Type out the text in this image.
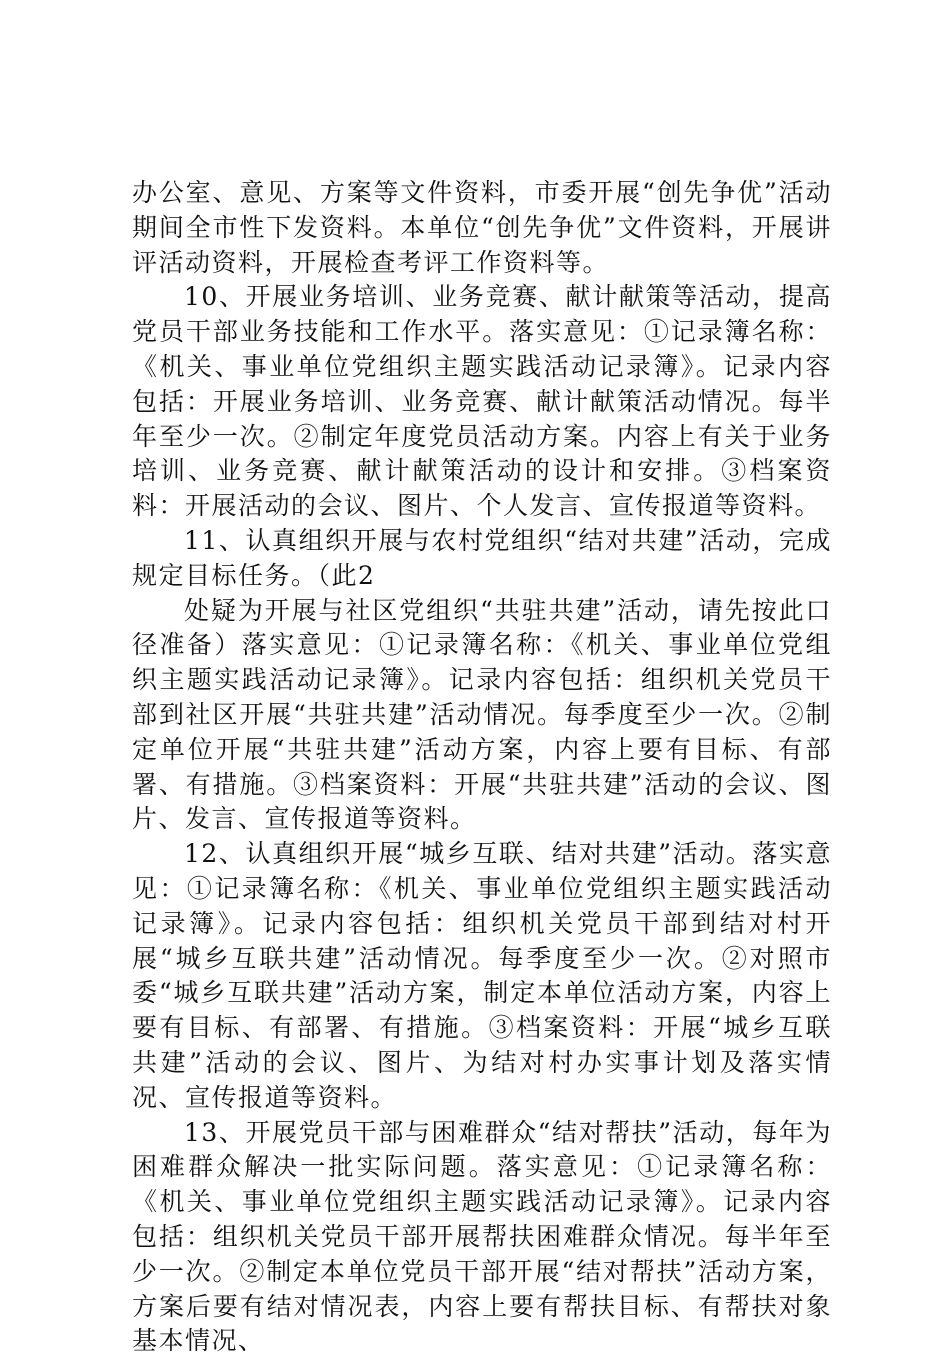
办公室、意见、方案等文件资料，市委开展“创先争优”活动期间全市性下发资料。本单位“创先争优”文件资料，开展讲评活动资料，开展检查考评工作资料等。

10、开展业务培训、业务竞赛、献计献策等活动，提高党员干部业务技能和工作水平。落实意见：①记录簿名称：《机关、事业单位党组织主题实践活动记录簿》。记录内容包括：开展业务培训、业务竞赛、献计献策活动情况。每半年至少一次。②制定年度党员活动方案。内容上有关于业务培训、业务竞赛、献计献策活动的设计和安排。③档案资料：开展活动的会议、图片、个人发言、宣传报道等资料。

11、认真组织开展与农村党组织“结对共建”活动，完成规定目标任务。（此2

处疑为开展与社区党组织“共驻共建”活动，请先按此口径准备）落实意见：①记录簿名称：《机关、事业单位党组织主题实践活动记录簿》。记录内容包括：组织机关党员干部到社区开展“共驻共建”活动情况。每季度至少一次。②制定单位开展“共驻共建”活动方案，内容上要有目标、有部署、有措施。③档案资料：开展“共驻共建”活动的会议、图片、发言、宣传报道等资料。

12、认真组织开展“城乡互联、结对共建”活动。落实意见：①记录簿名称：《机关、事业单位党组织主题实践活动记录簿》。记录内容包括：组织机关党员干部到结对村开展“城乡互联共建”活动情况。每季度至少一次。②对照市委“城乡互联共建”活动方案，制定本单位活动方案，内容上要有目标、有部署、有措施。③档案资料：开展“城乡互联共建”活动的会议、图片、为结对村办实事计划及落实情况、宣传报道等资料。

13、开展党员干部与困难群众“结对帮扶”活动，每年为困难群众解决一批实际问题。落实意见：①记录簿名称：《机关、事业单位党组织主题实践活动记录簿》。记录内容包括：组织机关党员干部开展帮扶困难群众情况。每半年至少一次。②制定本单位党员干部开展“结对帮扶”活动方案，方案后要有结对情况表，内容上要有帮扶目标、有帮扶对象基本情况、
